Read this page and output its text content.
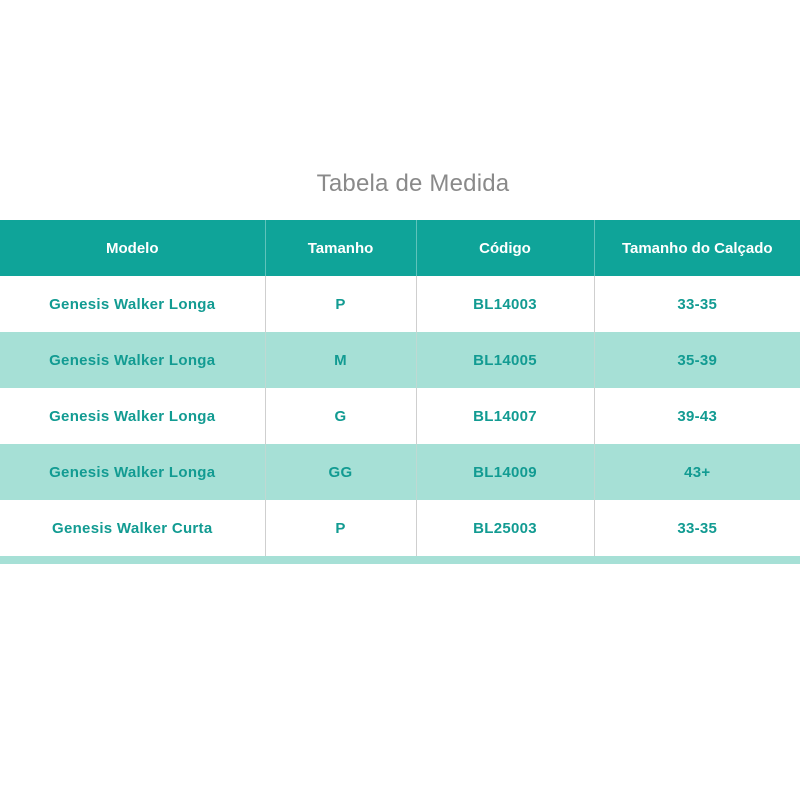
Tabela de Medida
Modelo	Tamanho	Código	Tamanho do Calçado
Genesis Walker Longa	P	BL14003	33-35
Genesis Walker Longa	M	BL14005	35-39
Genesis Walker Longa	G	BL14007	39-43
Genesis Walker Longa	GG	BL14009	43+
Genesis Walker Curta	P	BL25003	33-35
